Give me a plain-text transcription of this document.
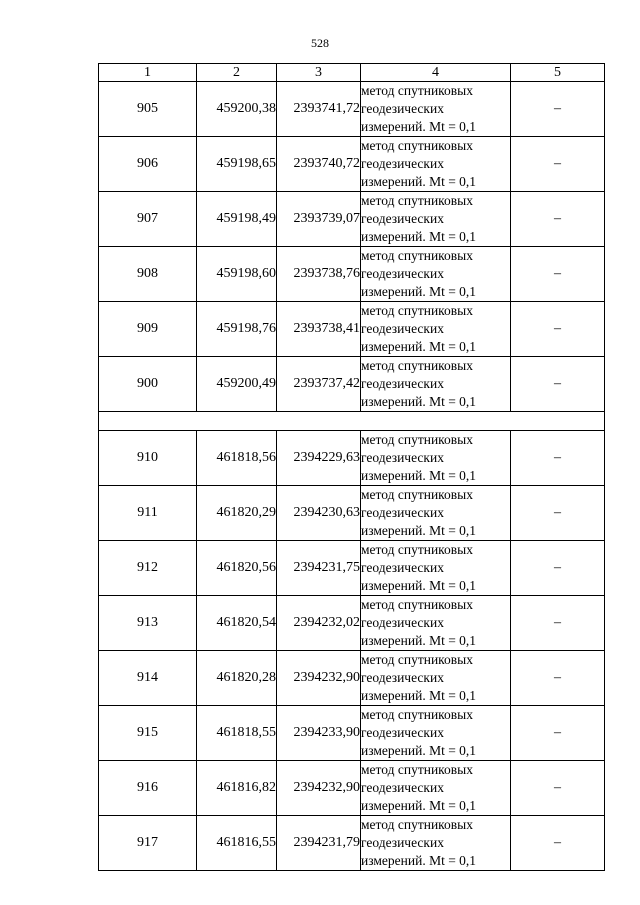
528
1	2	3	4	5
905	459200,38	2393741,72	метод спутниковых
геодезических
измерений. Mt = 0,1	–
906	459198,65	2393740,72	метод спутниковых
геодезических
измерений. Mt = 0,1	–
907	459198,49	2393739,07	метод спутниковых
геодезических
измерений. Mt = 0,1	–
908	459198,60	2393738,76	метод спутниковых
геодезических
измерений. Mt = 0,1	–
909	459198,76	2393738,41	метод спутниковых
геодезических
измерений. Mt = 0,1	–
900	459200,49	2393737,42	метод спутниковых
геодезических
измерений. Mt = 0,1	–

910	461818,56	2394229,63	метод спутниковых
геодезических
измерений. Mt = 0,1	–
911	461820,29	2394230,63	метод спутниковых
геодезических
измерений. Mt = 0,1	–
912	461820,56	2394231,75	метод спутниковых
геодезических
измерений. Mt = 0,1	–
913	461820,54	2394232,02	метод спутниковых
геодезических
измерений. Mt = 0,1	–
914	461820,28	2394232,90	метод спутниковых
геодезических
измерений. Mt = 0,1	–
915	461818,55	2394233,90	метод спутниковых
геодезических
измерений. Mt = 0,1	–
916	461816,82	2394232,90	метод спутниковых
геодезических
измерений. Mt = 0,1	–
917	461816,55	2394231,79	метод спутниковых
геодезических
измерений. Mt = 0,1	–
